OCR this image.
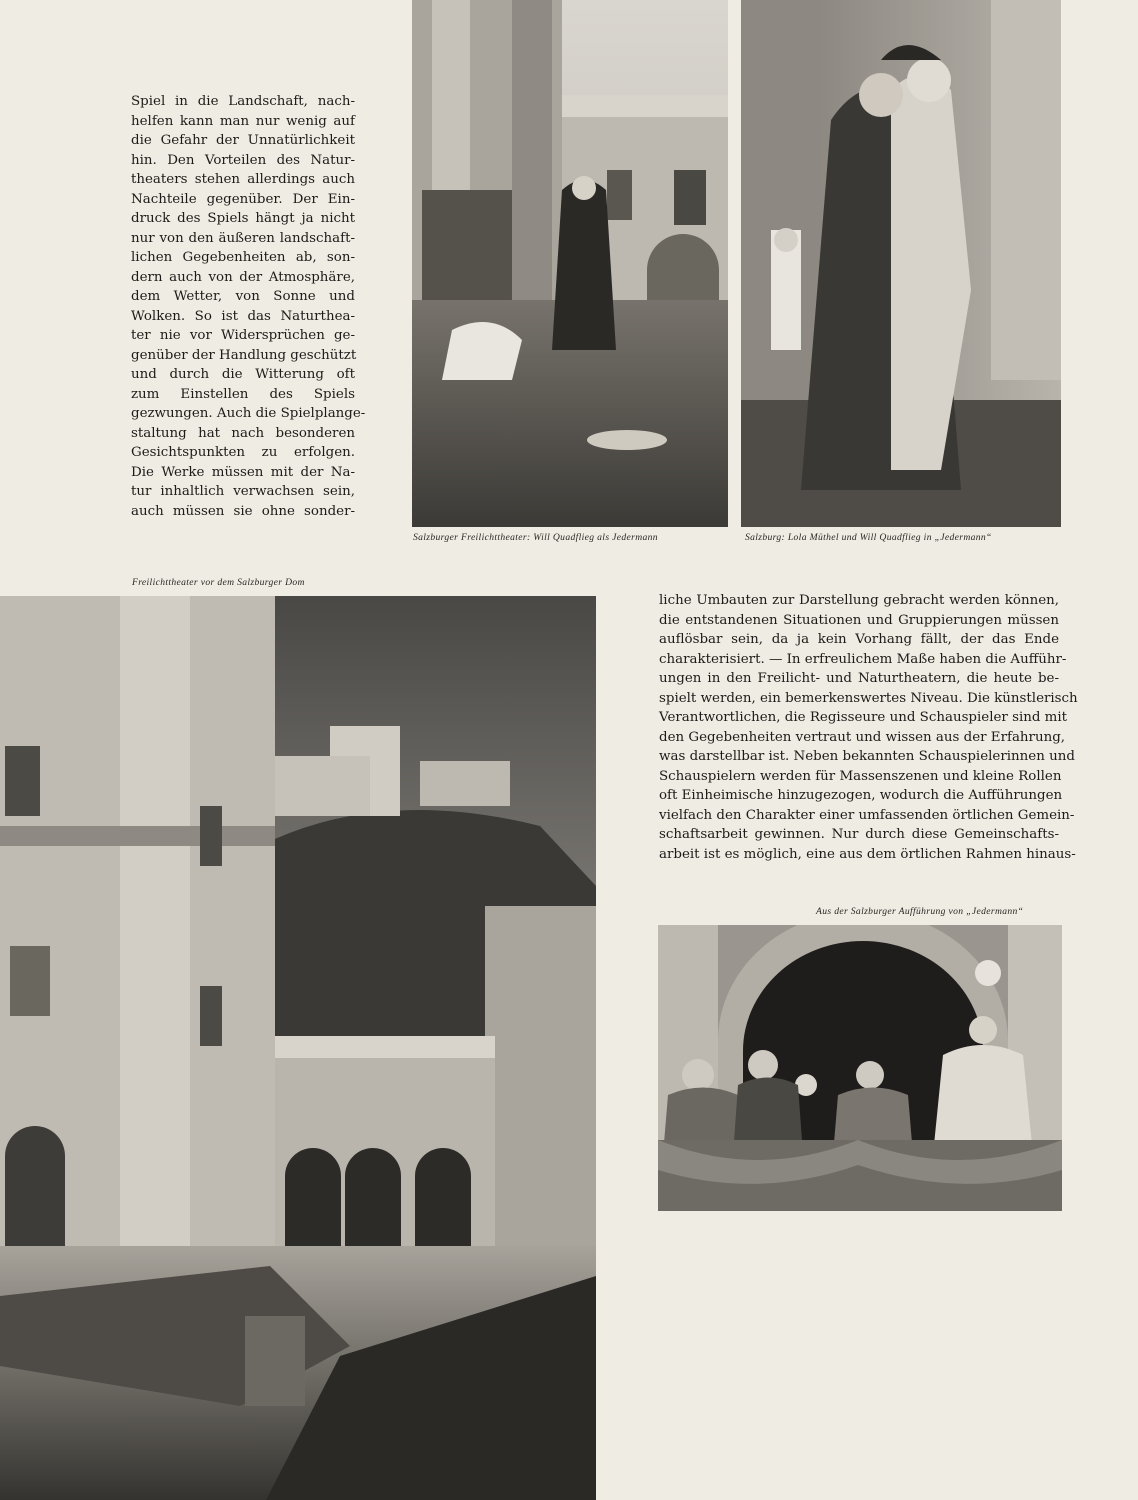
Spiel in die Landschaft, nach-
helfen kann man nur wenig auf
die Gefahr der Unnatürlichkeit
hin. Den Vorteilen des Natur-
theaters stehen allerdings auch
Nachteile gegenüber. Der Ein-
druck des Spiels hängt ja nicht
nur von den äußeren landschaft-
lichen Gegebenheiten ab, son-
dern auch von der Atmosphäre,
dem Wetter, von Sonne und
Wolken. So ist das Naturthea-
ter nie vor Widersprüchen ge-
genüber der Handlung geschützt
und durch die Witterung oft
zum Einstellen des Spiels
gezwungen. Auch die Spielplange-
staltung hat nach besonderen
Gesichtspunkten zu erfolgen.
Die Werke müssen mit der Na-
tur inhaltlich verwachsen sein,
auch müssen sie ohne sonder-
Salzburger Freilichttheater: Will Quadflieg als Jedermann	Salzburg: Lola Müthel und Will Quadflieg in „Jedermann“
Freilichttheater vor dem Salzburger Dom
liche Umbauten zur Darstellung gebracht werden können,
die entstandenen Situationen und Gruppierungen müssen
auflösbar sein, da ja kein Vorhang fällt, der das Ende
charakterisiert. — In erfreulichem Maße haben die Aufführ-
ungen in den Freilicht- und Naturtheatern, die heute be-
spielt werden, ein bemerkenswertes Niveau. Die künstlerisch
Verantwortlichen, die Regisseure und Schauspieler sind mit
den Gegebenheiten vertraut und wissen aus der Erfahrung,
was darstellbar ist. Neben bekannten Schauspielerinnen und
Schauspielern werden für Massenszenen und kleine Rollen
oft Einheimische hinzugezogen, wodurch die Aufführungen
vielfach den Charakter einer umfassenden örtlichen Gemein-
schaftsarbeit gewinnen. Nur durch diese Gemeinschafts-
arbeit ist es möglich, eine aus dem örtlichen Rahmen hinaus-
Aus der Salzburger Aufführung von „Jedermann“
